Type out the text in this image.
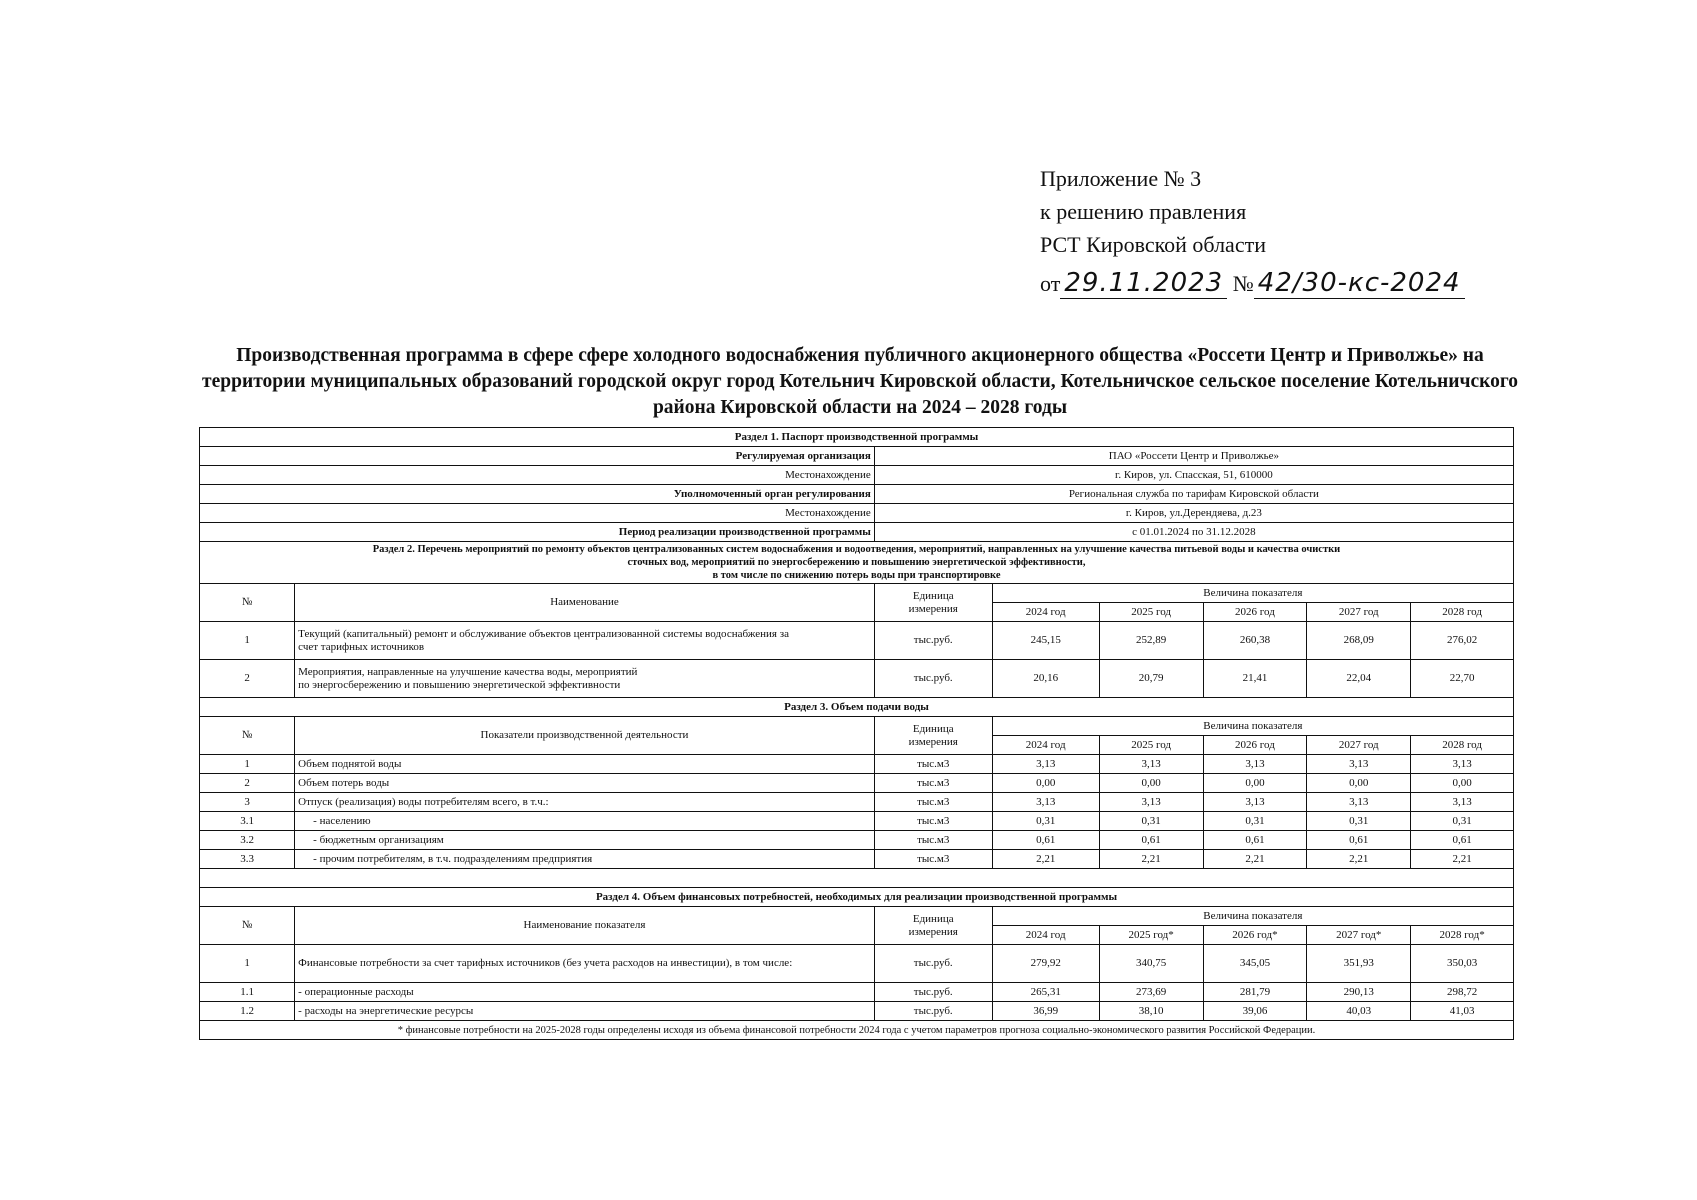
Приложение № 3
к решению правления
РСТ Кировской области
от 29.11.2023 № 42/30-кс-2024
Производственная программа в сфере сфере холодного водоснабжения публичного акционерного общества «Россети Центр и Приволжье» на территории муниципальных образований городской округ город Котельнич Кировской области, Котельничское сельское поселение Котельничского района Кировской области на 2024 – 2028 годы
Раздел 1. Паспорт производственной программы							
Регулируемая организация		ПАО «Россети Центр и Приволжье»					
Местонахождение		г. Киров, ул. Спасская, 51, 610000					
Уполномоченный орган регулирования		Региональная служба по тарифам Кировской области					
Местонахождение		г. Киров, ул.Дерендяева, д.23					
Период реализации производственной программы		с 01.01.2024 по 31.12.2028					

Раздел 2. Перечень мероприятий по ремонту объектов централизованных систем водоснабжения и водоотведения, мероприятий, направленных на улучшение качества питьевой воды и качества очистки
сточных вод, мероприятий по энергосбережению и повышению энергетической эффективности,
в том числе по снижению потерь воды при транспортировке							

№	Наименование	Единица
измерения	Величина показателя				
			2024 год	2025 год	2026 год	2027 год	2028 год
1	Текущий (капитальный) ремонт и обслуживание объектов централизованной системы водоснабжения за
счет тарифных источников	тыс.руб.	245,15	252,89	260,38	268,09	276,02
2	Мероприятия, направленные на улучшение качества воды, мероприятий
по энергосбережению и повышению энергетической эффективности	тыс.руб.	20,16	20,79	21,41	22,04	22,70
Раздел 3. Объем подачи воды							
№	Показатели производственной деятельности	Единица
измерения	Величина показателя				
			2024 год	2025 год	2026 год	2027 год	2028 год
1	Объем поднятой воды	тыс.м3	3,13	3,13	3,13	3,13	3,13
2	Объем потерь воды	тыс.м3	0,00	0,00	0,00	0,00	0,00
3	Отпуск (реализация) воды потребителям всего, в т.ч.:	тыс.м3	3,13	3,13	3,13	3,13	3,13
3.1	- населению	тыс.м3	0,31	0,31	0,31	0,31	0,31
3.2	- бюджетным организациям	тыс.м3	0,61	0,61	0,61	0,61	0,61
3.3	- прочим потребителям, в т.ч. подразделениям предприятия	тыс.м3	2,21	2,21	2,21	2,21	2,21

Раздел 4. Объем финансовых потребностей, необходимых для реализации производственной программы							
№	Наименование показателя	Единица
измерения	Величина показателя				
			2024 год	2025 год*	2026 год*	2027 год*	2028 год*
1	Финансовые потребности за счет тарифных источников (без учета расходов на инвестиции), в том числе:	тыс.руб.	279,92	340,75	345,05	351,93	350,03
1.1	- операционные расходы	тыс.руб.	265,31	273,69	281,79	290,13	298,72
1.2	- расходы на энергетические ресурсы	тыс.руб.	36,99	38,10	39,06	40,03	41,03
* финансовые потребности на 2025-2028 годы определены исходя из объема финансовой потребности 2024 года с учетом параметров прогноза социально-экономического развития Российской Федерации.							
